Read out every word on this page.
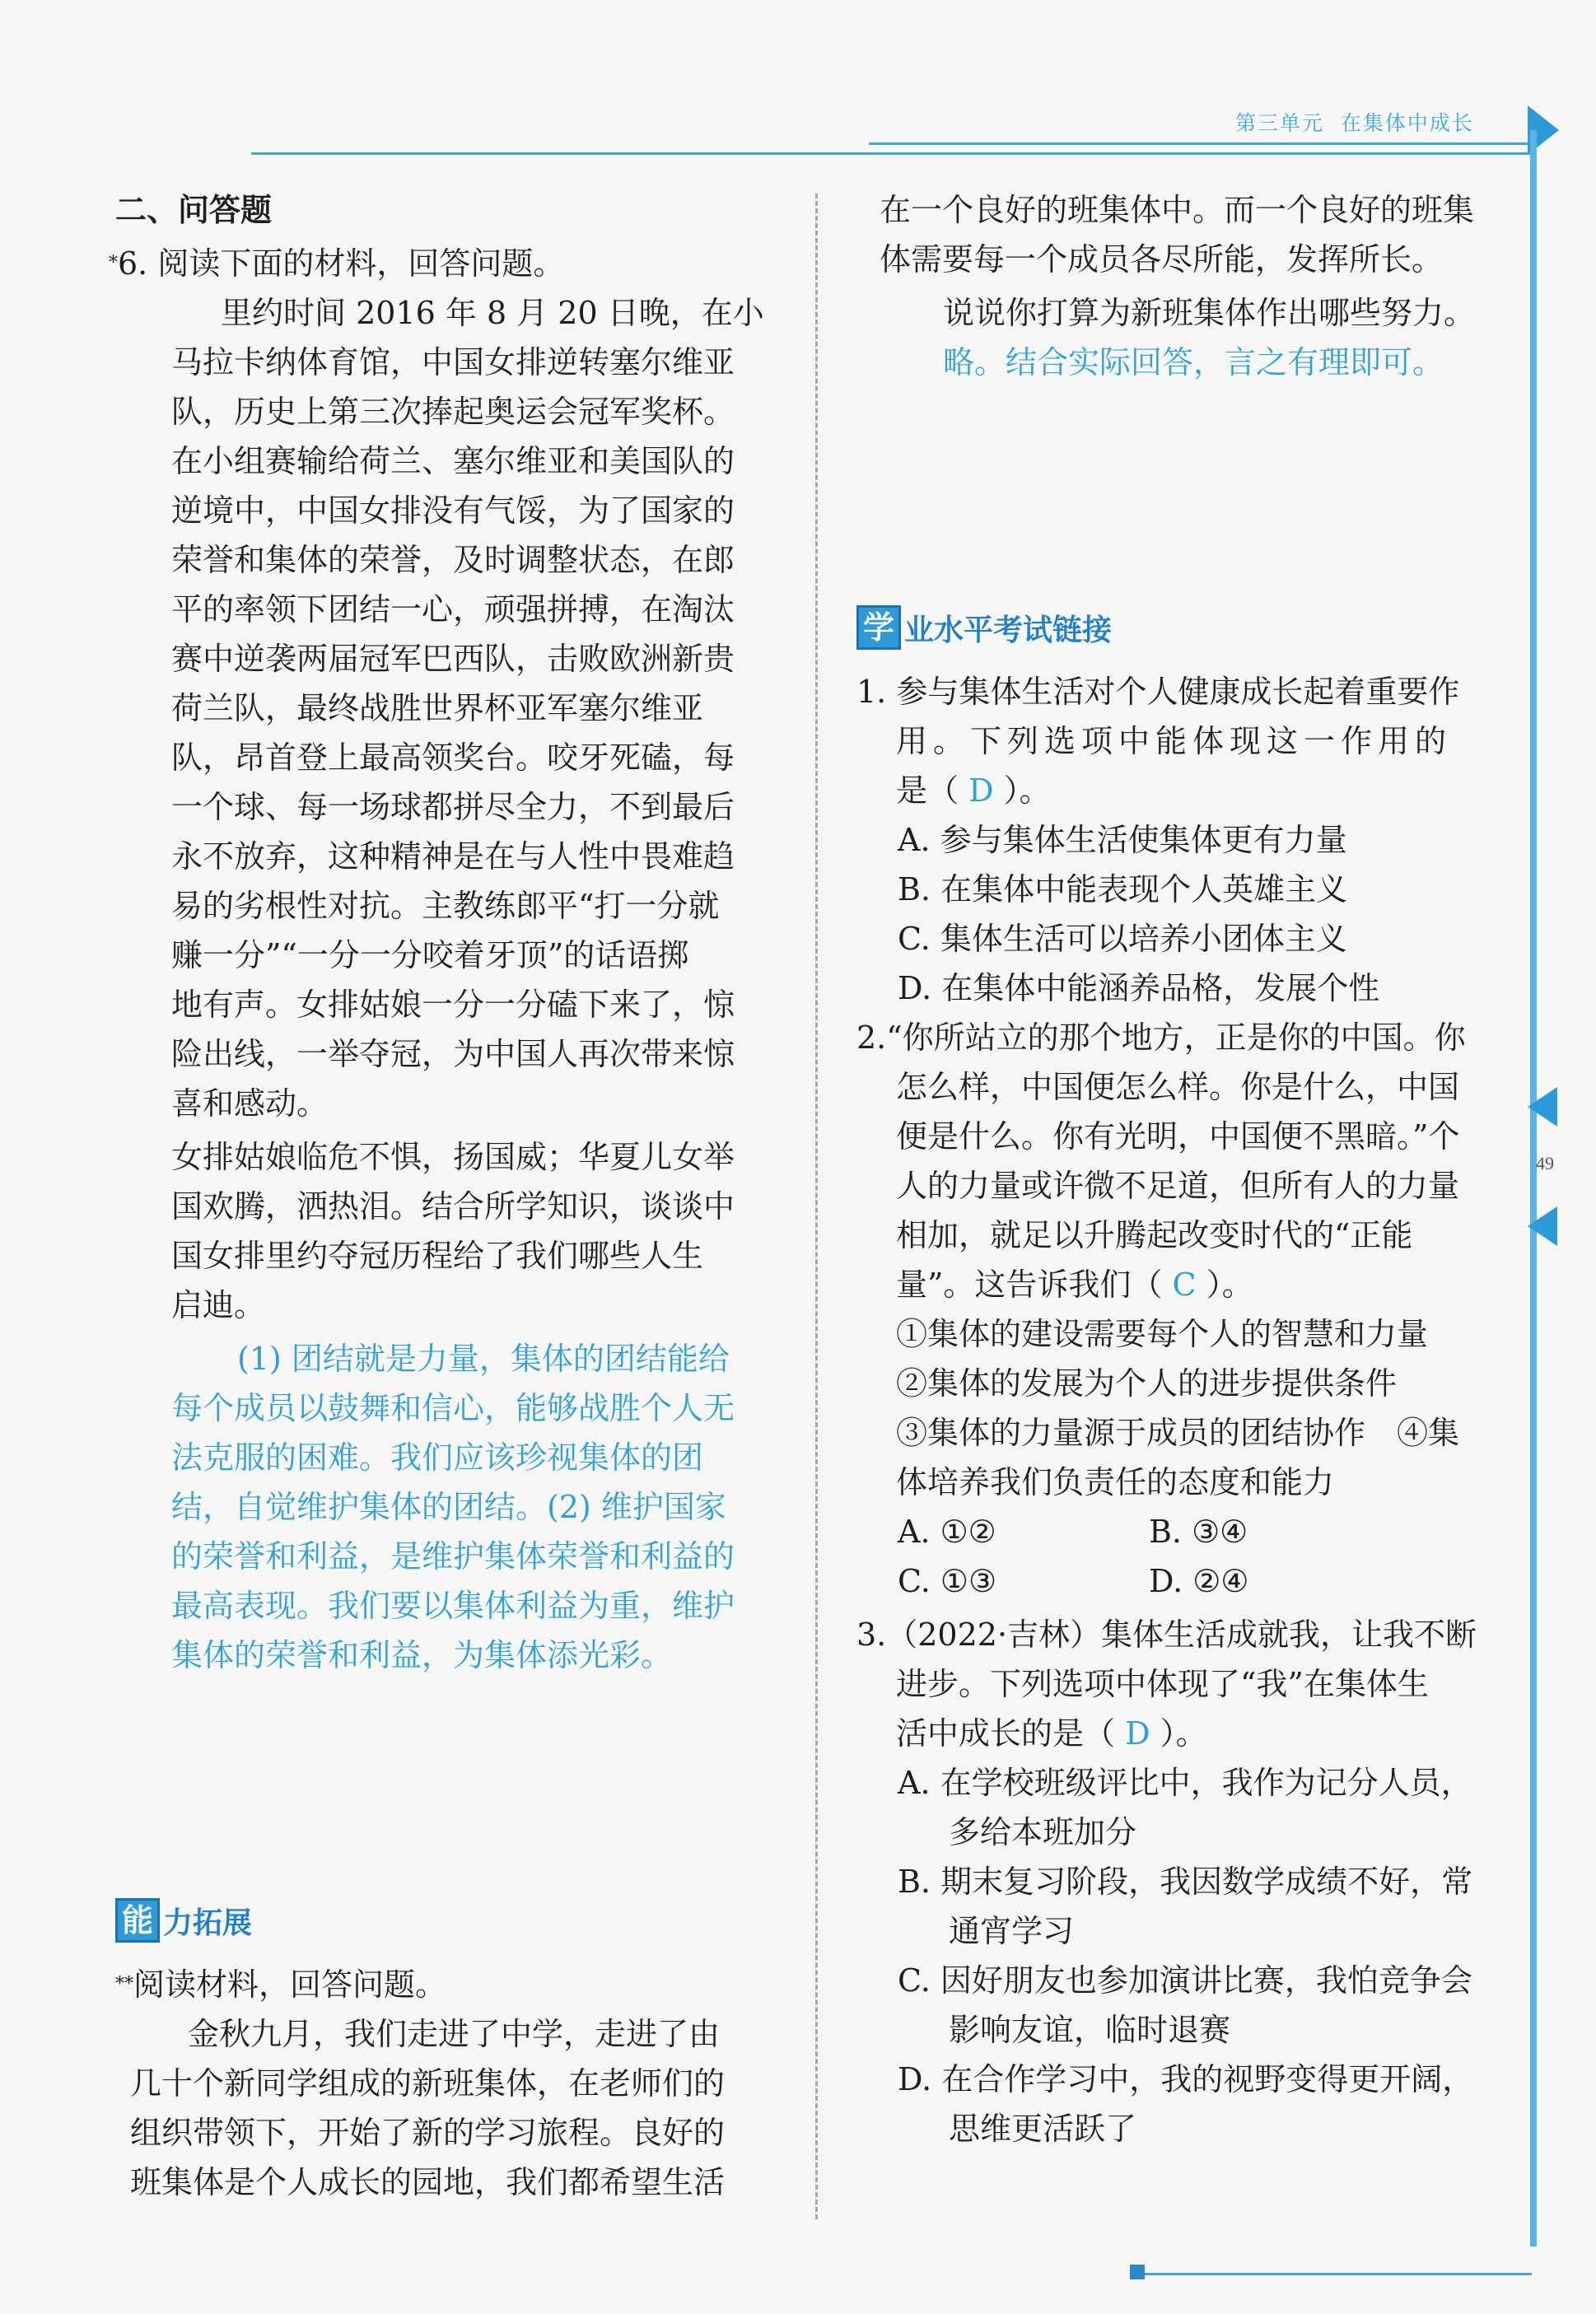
第三单元 在集体中成长
49
二、问答题
*6. 阅读下面的材料，回答问题。
里约时间 2016 年 8 月 20 日晚，在小
马拉卡纳体育馆，中国女排逆转塞尔维亚
队，历史上第三次捧起奥运会冠军奖杯。
在小组赛输给荷兰、塞尔维亚和美国队的
逆境中，中国女排没有气馁，为了国家的
荣誉和集体的荣誉，及时调整状态，在郎
平的率领下团结一心，顽强拼搏，在淘汰
赛中逆袭两届冠军巴西队，击败欧洲新贵
荷兰队，最终战胜世界杯亚军塞尔维亚
队，昂首登上最高领奖台。咬牙死磕，每
一个球、每一场球都拼尽全力，不到最后
永不放弃，这种精神是在与人性中畏难趋
易的劣根性对抗。主教练郎平“打一分就
赚一分”“一分一分咬着牙顶”的话语掷
地有声。女排姑娘一分一分磕下来了，惊
险出线，一举夺冠，为中国人再次带来惊
喜和感动。
女排姑娘临危不惧，扬国威；华夏儿女举
国欢腾，洒热泪。结合所学知识，谈谈中
国女排里约夺冠历程给了我们哪些人生
启迪。
(1) 团结就是力量，集体的团结能给
每个成员以鼓舞和信心，能够战胜个人无
法克服的困难。我们应该珍视集体的团
结，自觉维护集体的团结。(2) 维护国家
的荣誉和利益，是维护集体荣誉和利益的
最高表现。我们要以集体利益为重，维护
集体的荣誉和利益，为集体添光彩。
能 力拓展
**阅读材料，回答问题。
金秋九月，我们走进了中学，走进了由
几十个新同学组成的新班集体，在老师们的
组织带领下，开始了新的学习旅程。良好的
班集体是个人成长的园地，我们都希望生活
在一个良好的班集体中。而一个良好的班集
体需要每一个成员各尽所能，发挥所长。
说说你打算为新班集体作出哪些努力。
略。结合实际回答，言之有理即可。
学 业水平考试链接
1. 参与集体生活对个人健康成长起着重要作
用。下列选项中能体现这一作用的
是（ D ）。
A. 参与集体生活使集体更有力量
B. 在集体中能表现个人英雄主义
C. 集体生活可以培养小团体主义
D. 在集体中能涵养品格，发展个性
2.“你所站立的那个地方，正是你的中国。你
怎么样，中国便怎么样。你是什么，中国
便是什么。你有光明，中国便不黑暗。”个
人的力量或许微不足道，但所有人的力量
相加，就足以升腾起改变时代的“正能
量”。这告诉我们（ C ）。
①集体的建设需要每个人的智慧和力量
②集体的发展为个人的进步提供条件
③集体的力量源于成员的团结协作　④集
体培养我们负责任的态度和能力
A. ①②	B. ③④
C. ①③	D. ②④
3.（2022·吉林）集体生活成就我，让我不断
进步。下列选项中体现了“我”在集体生
活中成长的是（ D ）。
A. 在学校班级评比中，我作为记分人员，
多给本班加分
B. 期末复习阶段，我因数学成绩不好，常
通宵学习
C. 因好朋友也参加演讲比赛，我怕竞争会
影响友谊，临时退赛
D. 在合作学习中，我的视野变得更开阔，
思维更活跃了
